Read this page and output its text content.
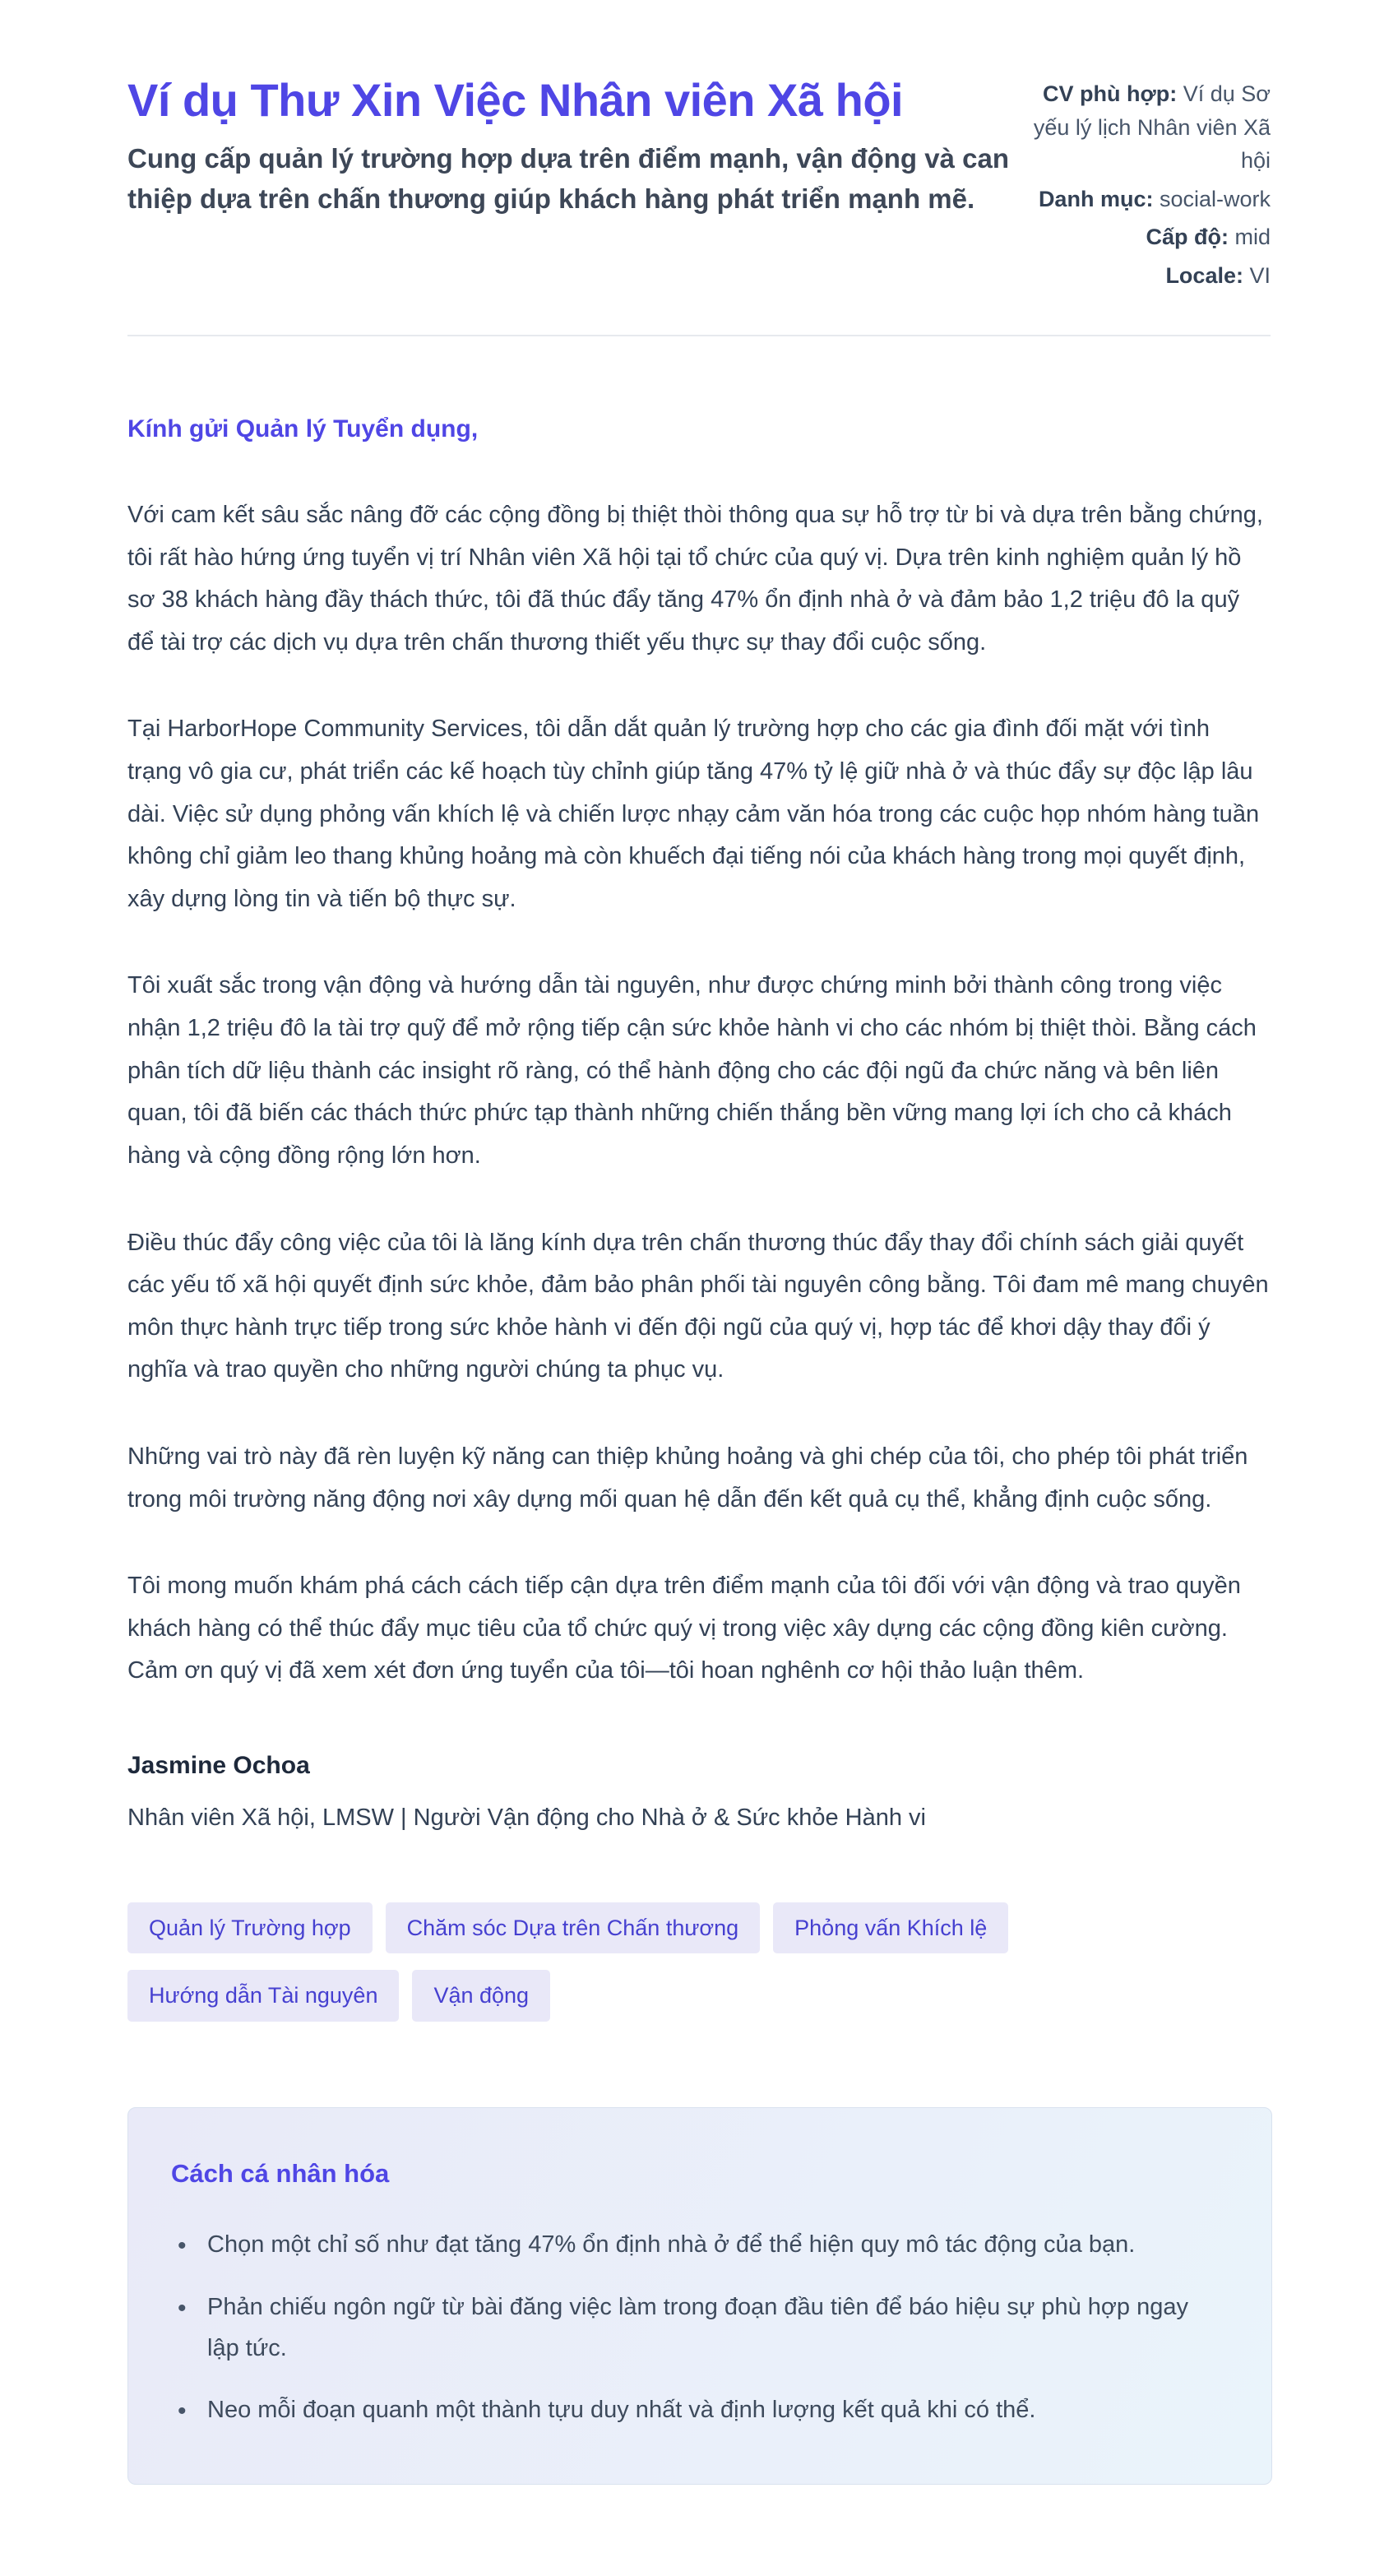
Ví dụ Thư Xin Việc Nhân viên Xã hội
Cung cấp quản lý trường hợp dựa trên điểm mạnh, vận động và can thiệp dựa trên chấn thương giúp khách hàng phát triển mạnh mẽ.
CV phù hợp: Ví dụ Sơ yếu lý lịch Nhân viên Xã hội
Danh mục: social-work
Cấp độ: mid
Locale: VI
Kính gửi Quản lý Tuyển dụng,

Với cam kết sâu sắc nâng đỡ các cộng đồng bị thiệt thòi thông qua sự hỗ trợ từ bi và dựa trên bằng chứng, tôi rất hào hứng ứng tuyển vị trí Nhân viên Xã hội tại tổ chức của quý vị. Dựa trên kinh nghiệm quản lý hồ sơ 38 khách hàng đầy thách thức, tôi đã thúc đẩy tăng 47% ổn định nhà ở và đảm bảo 1,2 triệu đô la quỹ để tài trợ các dịch vụ dựa trên chấn thương thiết yếu thực sự thay đổi cuộc sống.

Tại HarborHope Community Services, tôi dẫn dắt quản lý trường hợp cho các gia đình đối mặt với tình trạng vô gia cư, phát triển các kế hoạch tùy chỉnh giúp tăng 47% tỷ lệ giữ nhà ở và thúc đẩy sự độc lập lâu dài. Việc sử dụng phỏng vấn khích lệ và chiến lược nhạy cảm văn hóa trong các cuộc họp nhóm hàng tuần không chỉ giảm leo thang khủng hoảng mà còn khuếch đại tiếng nói của khách hàng trong mọi quyết định, xây dựng lòng tin và tiến bộ thực sự.

Tôi xuất sắc trong vận động và hướng dẫn tài nguyên, như được chứng minh bởi thành công trong việc nhận 1,2 triệu đô la tài trợ quỹ để mở rộng tiếp cận sức khỏe hành vi cho các nhóm bị thiệt thòi. Bằng cách phân tích dữ liệu thành các insight rõ ràng, có thể hành động cho các đội ngũ đa chức năng và bên liên quan, tôi đã biến các thách thức phức tạp thành những chiến thắng bền vững mang lợi ích cho cả khách hàng và cộng đồng rộng lớn hơn.

Điều thúc đẩy công việc của tôi là lăng kính dựa trên chấn thương thúc đẩy thay đổi chính sách giải quyết các yếu tố xã hội quyết định sức khỏe, đảm bảo phân phối tài nguyên công bằng. Tôi đam mê mang chuyên môn thực hành trực tiếp trong sức khỏe hành vi đến đội ngũ của quý vị, hợp tác để khơi dậy thay đổi ý nghĩa và trao quyền cho những người chúng ta phục vụ.

Những vai trò này đã rèn luyện kỹ năng can thiệp khủng hoảng và ghi chép của tôi, cho phép tôi phát triển trong môi trường năng động nơi xây dựng mối quan hệ dẫn đến kết quả cụ thể, khẳng định cuộc sống.

Tôi mong muốn khám phá cách cách tiếp cận dựa trên điểm mạnh của tôi đối với vận động và trao quyền khách hàng có thể thúc đẩy mục tiêu của tổ chức quý vị trong việc xây dựng các cộng đồng kiên cường. Cảm ơn quý vị đã xem xét đơn ứng tuyển của tôi—tôi hoan nghênh cơ hội thảo luận thêm.

Jasmine Ochoa
Nhân viên Xã hội, LMSW | Người Vận động cho Nhà ở & Sức khỏe Hành vi
Quản lý Trường hợp	Chăm sóc Dựa trên Chấn thương	Phỏng vấn Khích lệ
Hướng dẫn Tài nguyên	Vận động
Cách cá nhân hóa
• Chọn một chỉ số như đạt tăng 47% ổn định nhà ở để thể hiện quy mô tác động của bạn.
• Phản chiếu ngôn ngữ từ bài đăng việc làm trong đoạn đầu tiên để báo hiệu sự phù hợp ngay lập tức.
• Neo mỗi đoạn quanh một thành tựu duy nhất và định lượng kết quả khi có thể.
